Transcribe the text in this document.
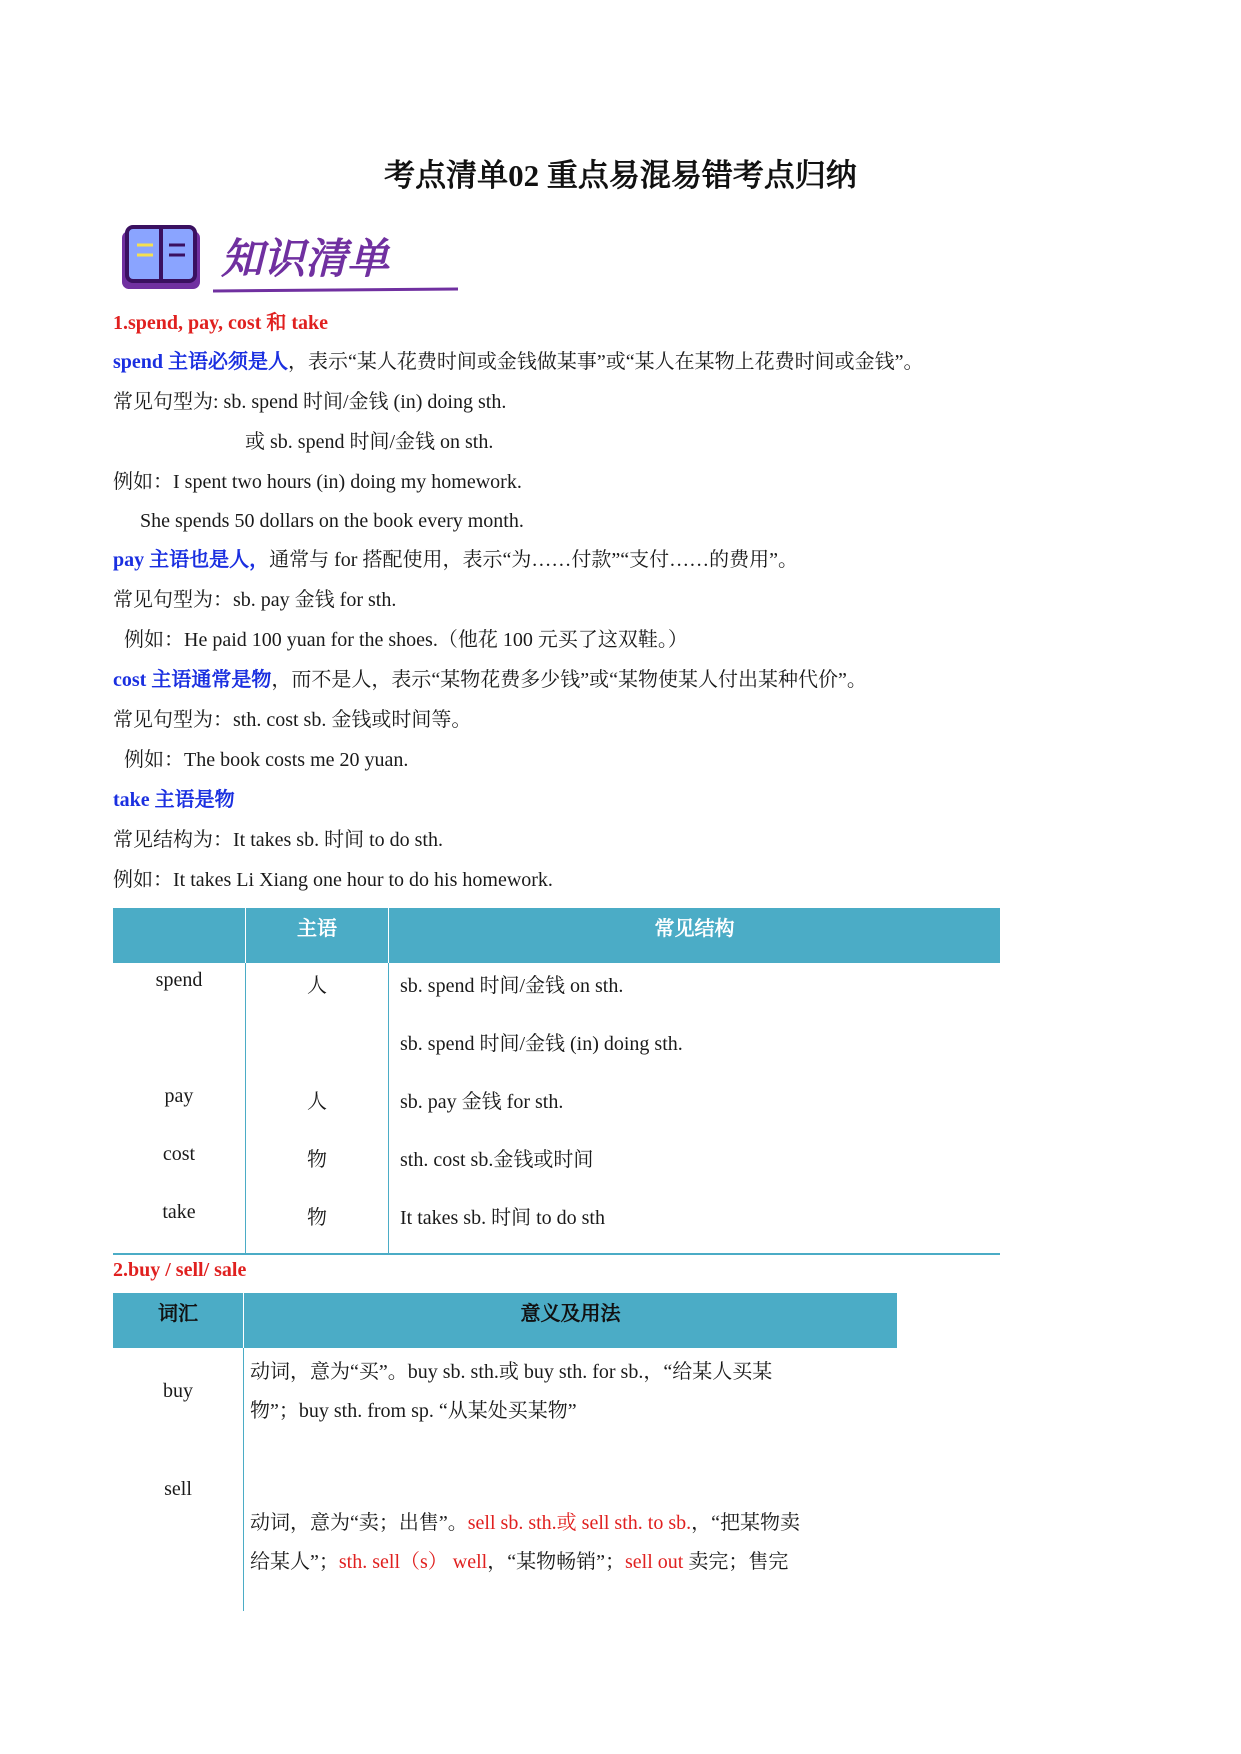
考点清单02 重点易混易错考点归纳
知识清单
1.spend, pay, cost 和 take
spend 主语必须是人，表示“某人花费时间或金钱做某事”或“某人在某物上花费时间或金钱”。
常见句型为: sb. spend 时间/金钱 (in) doing sth.
或 sb. spend 时间/金钱 on sth.
例如：I spent two hours (in) doing my homework.
She spends 50 dollars on the book every month.
pay 主语也是人，通常与 for 搭配使用，表示“为……付款”“支付……的费用”。
常见句型为：sb. pay 金钱 for sth.
例如：He paid 100 yuan for the shoes.（他花 100 元买了这双鞋。）
cost 主语通常是物，而不是人，表示“某物花费多少钱”或“某物使某人付出某种代价”。
常见句型为：sth. cost sb. 金钱或时间等。
例如：The book costs me 20 yuan.
take 主语是物
常见结构为：It takes sb. 时间 to do sth.
例如：It takes Li Xiang one hour to do his homework.
	主语	常见结构
spend	人	sb. spend 时间/金钱 on sth.
		sb. spend 时间/金钱 (in) doing sth.
pay	人	sb. pay 金钱 for sth.
cost	物	sth. cost sb.金钱或时间
take	物	It takes sb. 时间 to do sth
2.buy / sell/ sale
词汇	意义及用法
buy	动词，意为“买”。buy sb. sth.或 buy sth. for sb.，“给某人买某
物”；buy sth. from sp. “从某处买某物”

sell	动词，意为“卖；出售”。sell sb. sth.或 sell sth. to sb.，“把某物卖
给某人”；sth. sell（s） well，“某物畅销”；sell out 卖完；售完
